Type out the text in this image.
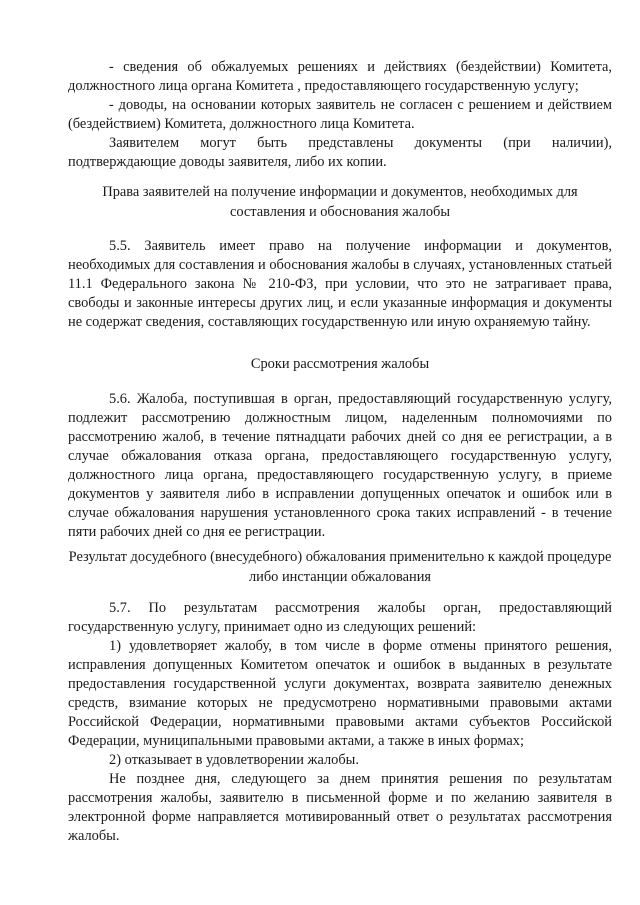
- сведения об обжалуемых решениях и действиях (бездействии) Комитета, должностного лица органа Комитета , предоставляющего государственную услугу;

- доводы, на основании которых заявитель не согласен с решением и действием (бездействием) Комитета, должностного лица Комитета.

Заявителем могут быть представлены документы (при наличии), подтверждающие доводы заявителя, либо их копии.

Права заявителей на получение информации и документов, необходимых для составления и обоснования жалобы

5.5. Заявитель имеет право на получение информации и документов, необходимых для составления и обоснования жалобы в случаях, установленных статьей 11.1 Федерального закона № 210-ФЗ, при условии, что это не затрагивает права, свободы и законные интересы других лиц, и если указанные информация и документы не содержат сведения, составляющих государственную или иную охраняемую тайну.

Сроки рассмотрения жалобы

5.6. Жалоба, поступившая в орган, предоставляющий государственную услугу, подлежит рассмотрению должностным лицом, наделенным полномочиями по рассмотрению жалоб, в течение пятнадцати рабочих дней со дня ее регистрации, а в случае обжалования отказа органа, предоставляющего государственную услугу, должностного лица органа, предоставляющего государственную услугу, в приеме документов у заявителя либо в исправлении допущенных опечаток и ошибок или в случае обжалования нарушения установленного срока таких исправлений - в течение пяти рабочих дней со дня ее регистрации.

Результат досудебного (внесудебного) обжалования применительно к каждой процедуре либо инстанции обжалования

5.7. По результатам рассмотрения жалобы орган, предоставляющий государственную услугу, принимает одно из следующих решений:

1) удовлетворяет жалобу, в том числе в форме отмены принятого решения, исправления допущенных Комитетом опечаток и ошибок в выданных в результате предоставления государственной услуги документах, возврата заявителю денежных средств, взимание которых не предусмотрено нормативными правовыми актами Российской Федерации, нормативными правовыми актами субъектов Российской Федерации, муниципальными правовыми актами, а также в иных формах;

2) отказывает в удовлетворении жалобы.

Не позднее дня, следующего за днем принятия решения по результатам рассмотрения жалобы, заявителю в письменной форме и по желанию заявителя в электронной форме направляется мотивированный ответ о результатах рассмотрения жалобы.
